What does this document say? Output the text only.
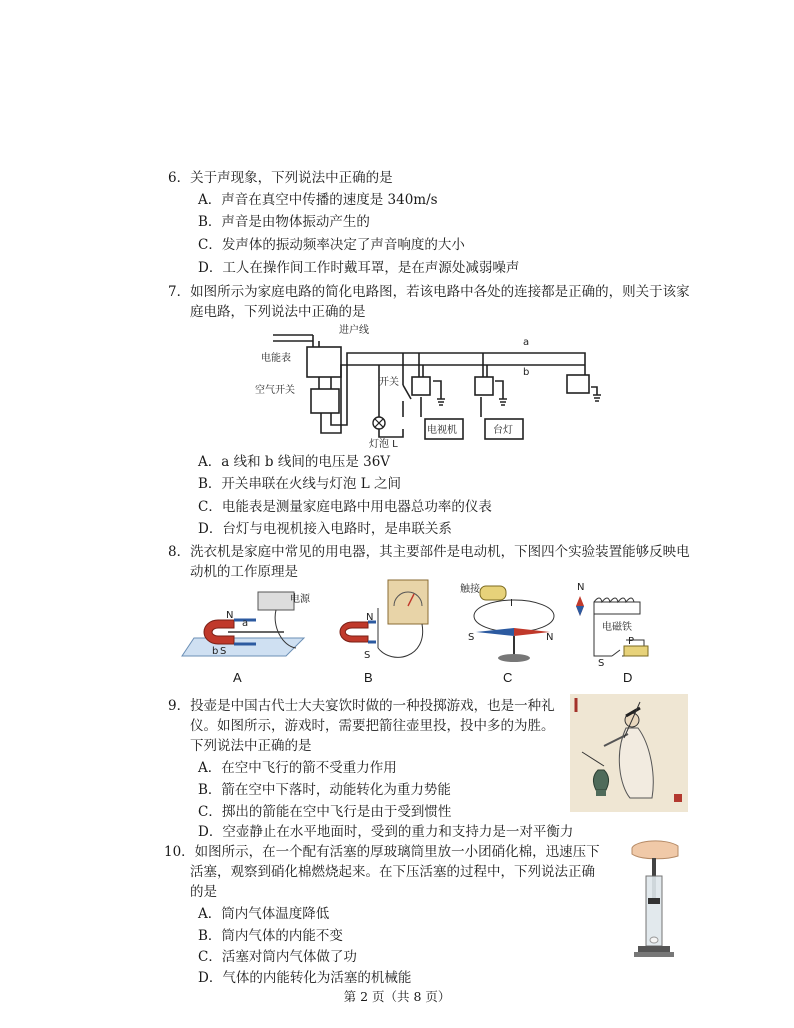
6．关于声现象，下列说法中正确的是
A．声音在真空中传播的速度是 340m/s
B．声音是由物体振动产生的
C．发声体的振动频率决定了声音响度的大小
D．工人在操作间工作时戴耳罩，是在声源处减弱噪声
7．如图所示为家庭电路的简化电路图，若该电路中各处的连接都是正确的，则关于该家
庭电路，下列说法中正确的是
进户线
电能表
空气开关
开关
灯泡 L
电视机	台灯
a
b
A．a 线和 b 线间的电压是 36V
B．开关串联在火线与灯泡 L 之间
C．电能表是测量家庭电路中用电器总功率的仪表
D．台灯与电视机接入电路时，是串联关系
8．洗衣机是家庭中常见的用电器，其主要部件是电动机，下图四个实验装置能够反映电
动机的工作原理是
电源
N
S
a
b
N
S
触接
I
S	N
N
电磁铁
S
P
A	B	C	D
9．投壶是中国古代士大夫宴饮时做的一种投掷游戏，也是一种礼
仪。如图所示，游戏时，需要把箭往壶里投，投中多的为胜。
下列说法中正确的是
A．在空中飞行的箭不受重力作用
B．箭在空中下落时，动能转化为重力势能
C．掷出的箭能在空中飞行是由于受到惯性
D．空壶静止在水平地面时，受到的重力和支持力是一对平衡力
10．如图所示，在一个配有活塞的厚玻璃筒里放一小团硝化棉，迅速压下
活塞，观察到硝化棉燃烧起来。在下压活塞的过程中，下列说法正确
的是
A．筒内气体温度降低
B．筒内气体的内能不变
C．活塞对筒内气体做了功
D．气体的内能转化为活塞的机械能
第 2 页（共 8 页）
